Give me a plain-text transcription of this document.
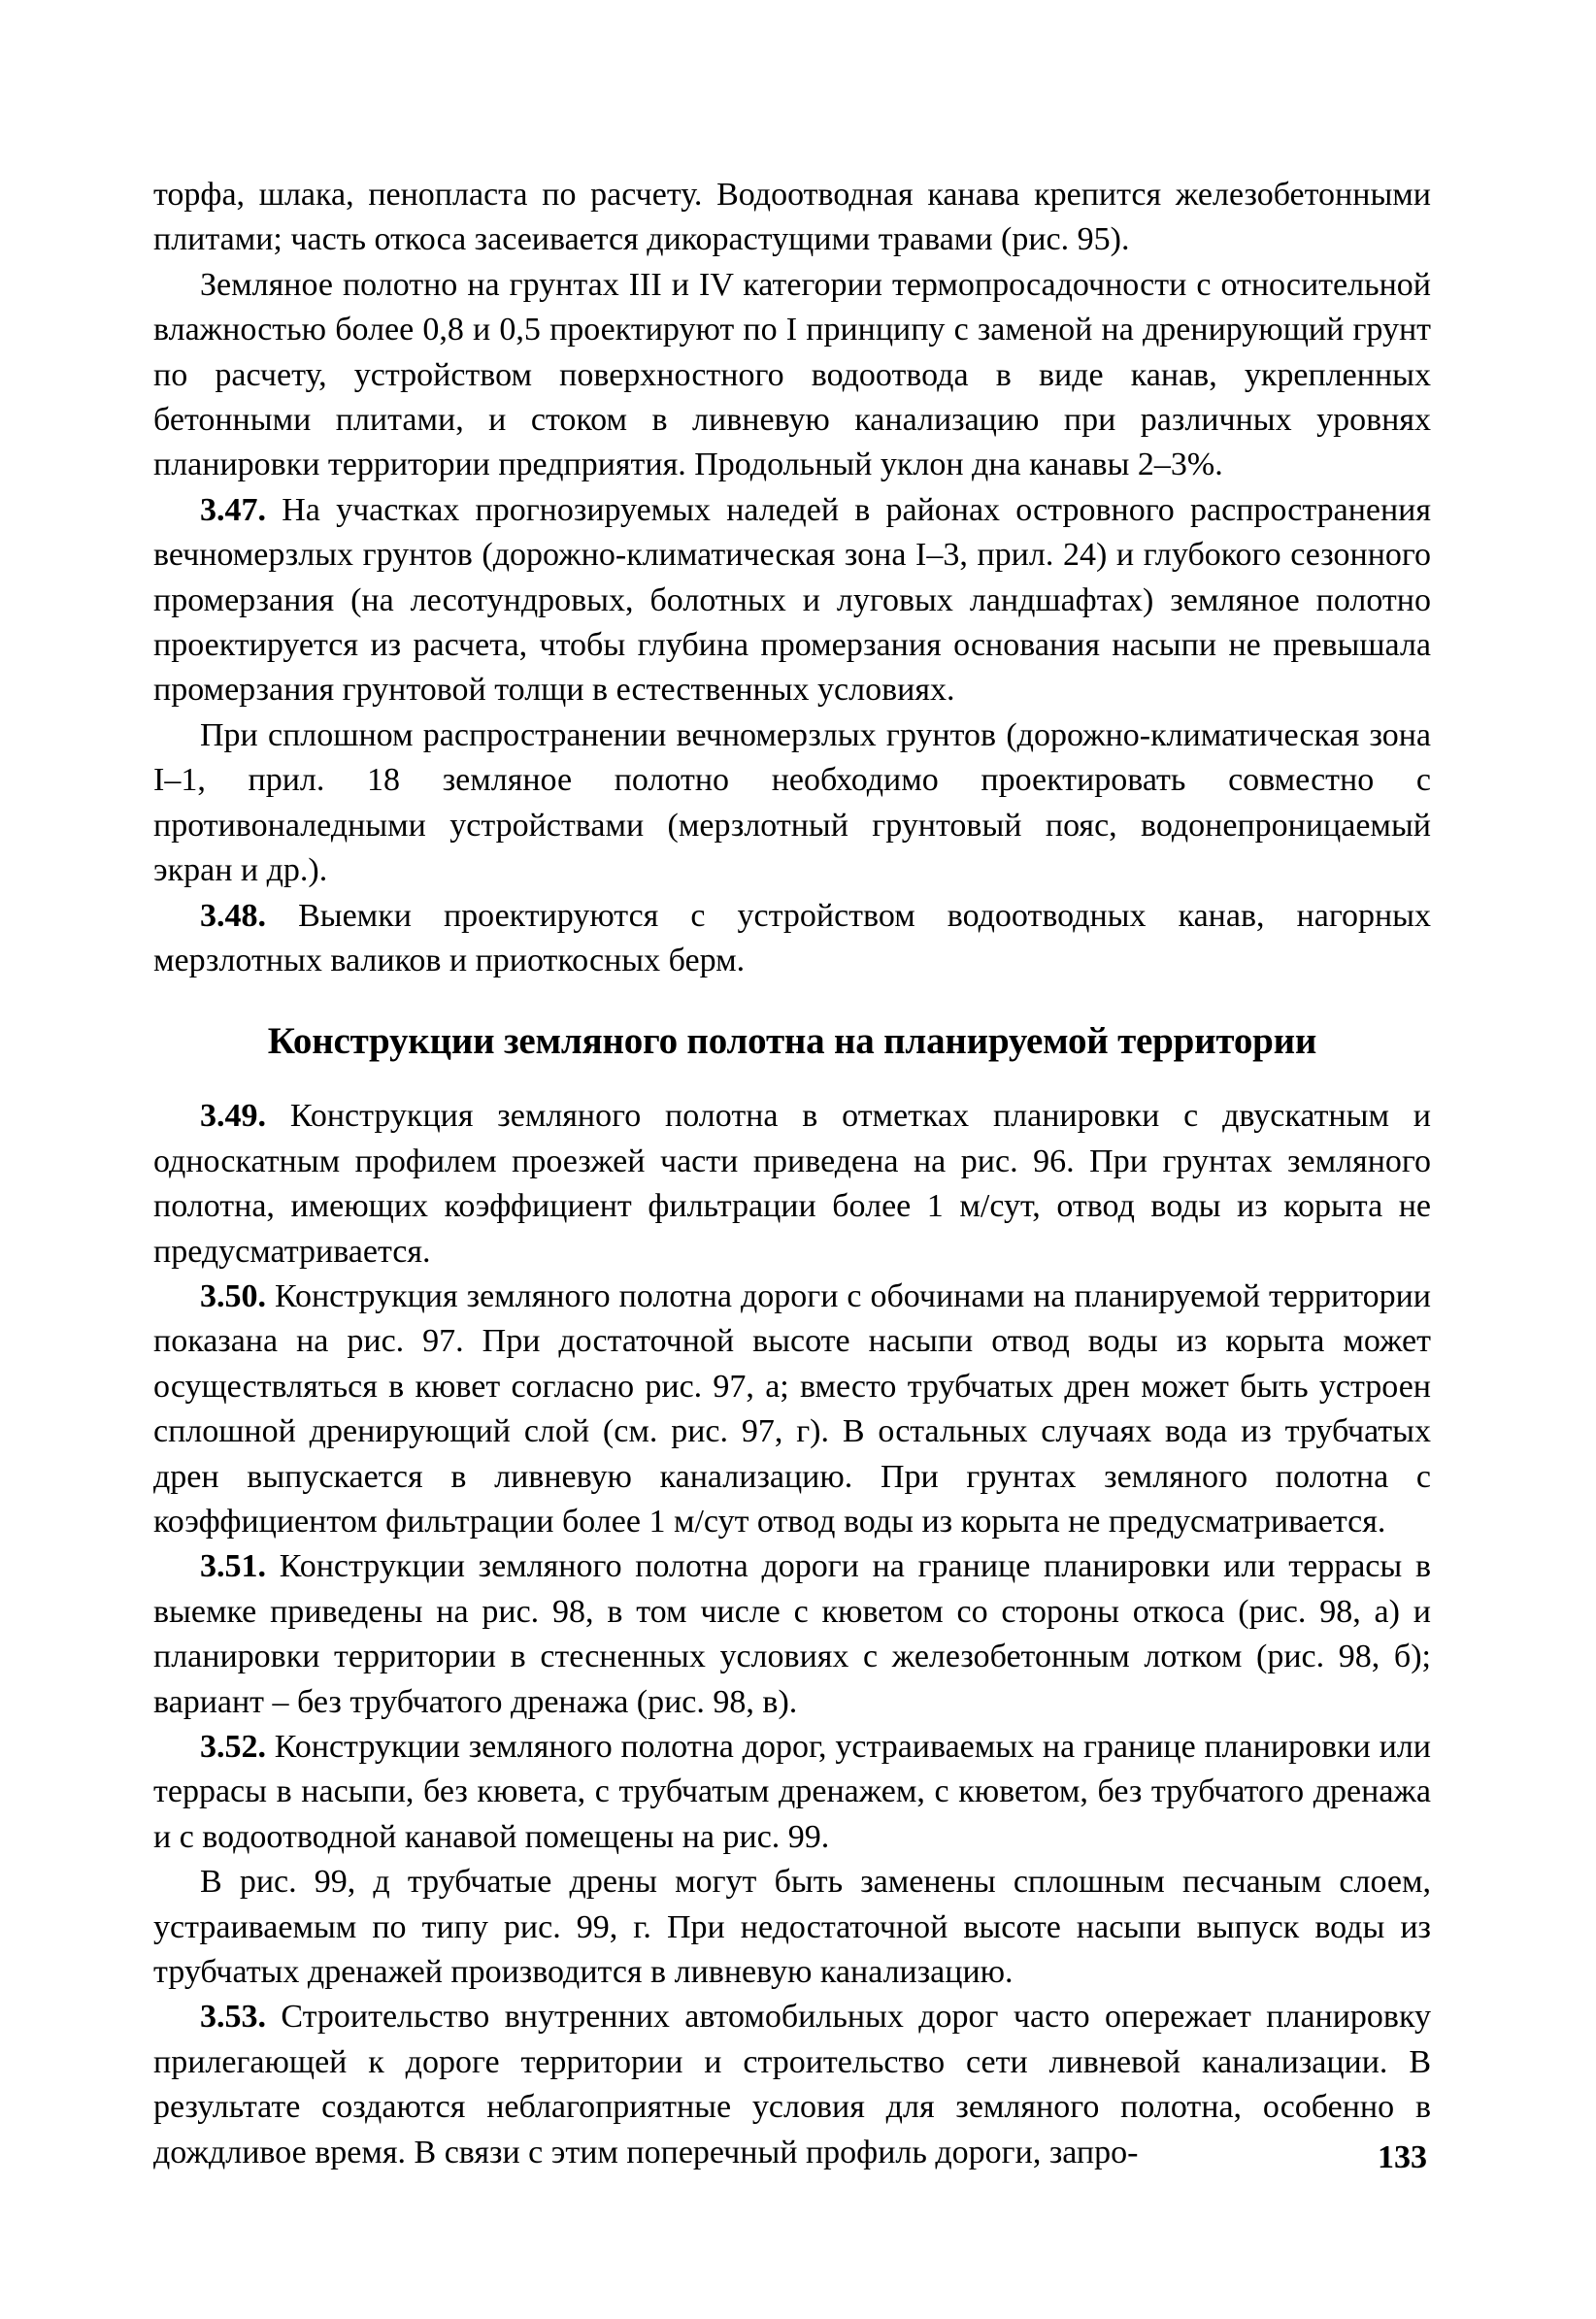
торфа, шлака, пенопласта по расчету. Водоотводная канава крепится железобетонными плитами; часть откоса засеивается дикорастущими травами (рис. 95).

Земляное полотно на грунтах III и IV категории термопросадочности с относительной влажностью более 0,8 и 0,5 проектируют по I принципу с заменой на дренирующий грунт по расчету, устройством поверхностного водоотвода в виде канав, укрепленных бетонными плитами, и стоком в ливневую канализацию при различных уровнях планировки территории предприятия. Продольный уклон дна канавы 2–3%.

3.47. На участках прогнозируемых наледей в районах островного распространения вечномерзлых грунтов (дорожно-климатическая зона I–3, прил. 24) и глубокого сезонного промерзания (на лесотундровых, болотных и луговых ландшафтах) земляное полотно проектируется из расчета, чтобы глубина промерзания основания насыпи не превышала промерзания грунтовой толщи в естественных условиях.

При сплошном распространении вечномерзлых грунтов (дорожно-климатическая зона I–1, прил. 18 земляное полотно необходимо проектировать совместно с противоналедными устройствами (мерзлотный грунтовый пояс, водонепроницаемый экран и др.).

3.48. Выемки проектируются с устройством водоотводных канав, нагорных мерзлотных валиков и приоткосных берм.

Конструкции земляного полотна на планируемой территории

3.49. Конструкция земляного полотна в отметках планировки с двускатным и односкатным профилем проезжей части приведена на рис. 96. При грунтах земляного полотна, имеющих коэффициент фильтрации более 1 м/сут, отвод воды из корыта не предусматривается.

3.50. Конструкция земляного полотна дороги с обочинами на планируемой территории показана на рис. 97. При достаточной высоте насыпи отвод воды из корыта может осуществляться в кювет согласно рис. 97, а; вместо трубчатых дрен может быть устроен сплошной дренирующий слой (см. рис. 97, г). В остальных случаях вода из трубчатых дрен выпускается в ливневую канализацию. При грунтах земляного полотна с коэффициентом фильтрации более 1 м/сут отвод воды из корыта не предусматривается.

3.51. Конструкции земляного полотна дороги на границе планировки или террасы в выемке приведены на рис. 98, в том числе с кюветом со стороны откоса (рис. 98, а) и планировки территории в стесненных условиях с железобетонным лотком (рис. 98, б); вариант – без трубчатого дренажа (рис. 98, в).

3.52. Конструкции земляного полотна дорог, устраиваемых на границе планировки или террасы в насыпи, без кювета, с трубчатым дренажем, с кюветом, без трубчатого дренажа и с водоотводной канавой помещены на рис. 99.

В рис. 99, д трубчатые дрены могут быть заменены сплошным песчаным слоем, устраиваемым по типу рис. 99, г. При недостаточной высоте насыпи выпуск воды из трубчатых дренажей производится в ливневую канализацию.

3.53. Строительство внутренних автомобильных дорог часто опережает планировку прилегающей к дороге территории и строительство сети ливневой канализации. В результате создаются неблагоприятные условия для земляного полотна, особенно в дождливое время. В связи с этим поперечный профиль дороги, запро-	133
